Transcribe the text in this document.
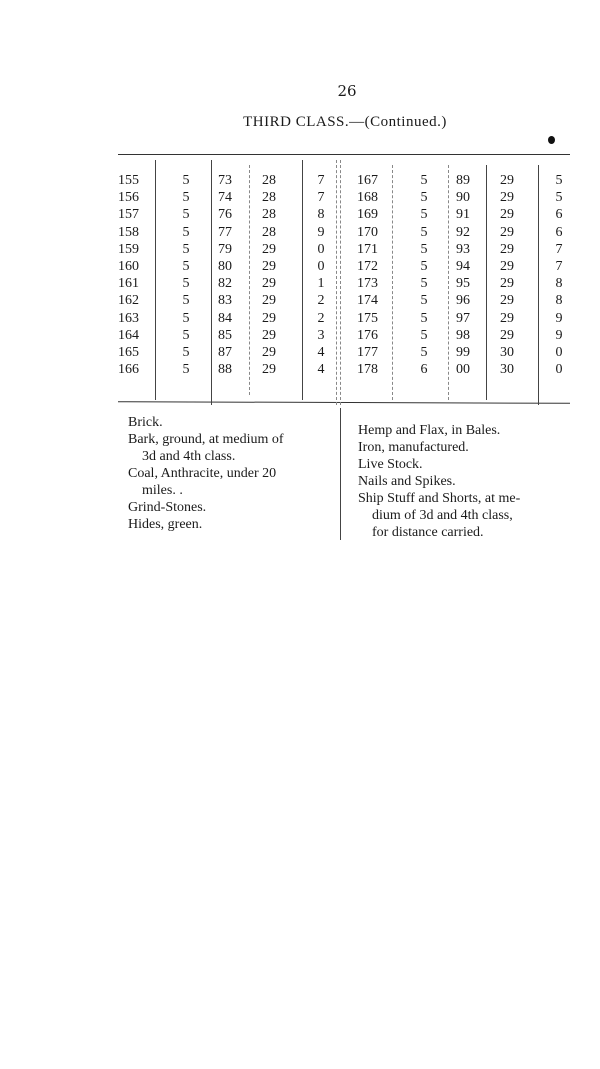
26
THIRD CLASS.—(Continued.)
155
156
157
158
159
160
161
162
163
164
165
166
5
5
5
5
5
5
5
5
5
5
5
5
73
74
76
77
79
80
82
83
84
85
87
88
28
28
28
28
29
29
29
29
29
29
29
29
7
7
8
9
0
0
1
2
2
3
4
4
167
168
169
170
171
172
173
174
175
176
177
178
5
5
5
5
5
5
5
5
5
5
5
6
89
90
91
92
93
94
95
96
97
98
99
00
29
29
29
29
29
29
29
29
29
29
30
30
5
5
6
6
7
7
8
8
9
9
0
0
Brick.
Bark, ground, at medium of
3d and 4th class.
Coal, Anthracite, under 20
miles. .
Grind-Stones.
Hides, green.
Hemp and Flax, in Bales.
Iron, manufactured.
Live Stock.
Nails and Spikes.
Ship Stuff and Shorts, at me-
dium of 3d and 4th class,
for distance carried.
